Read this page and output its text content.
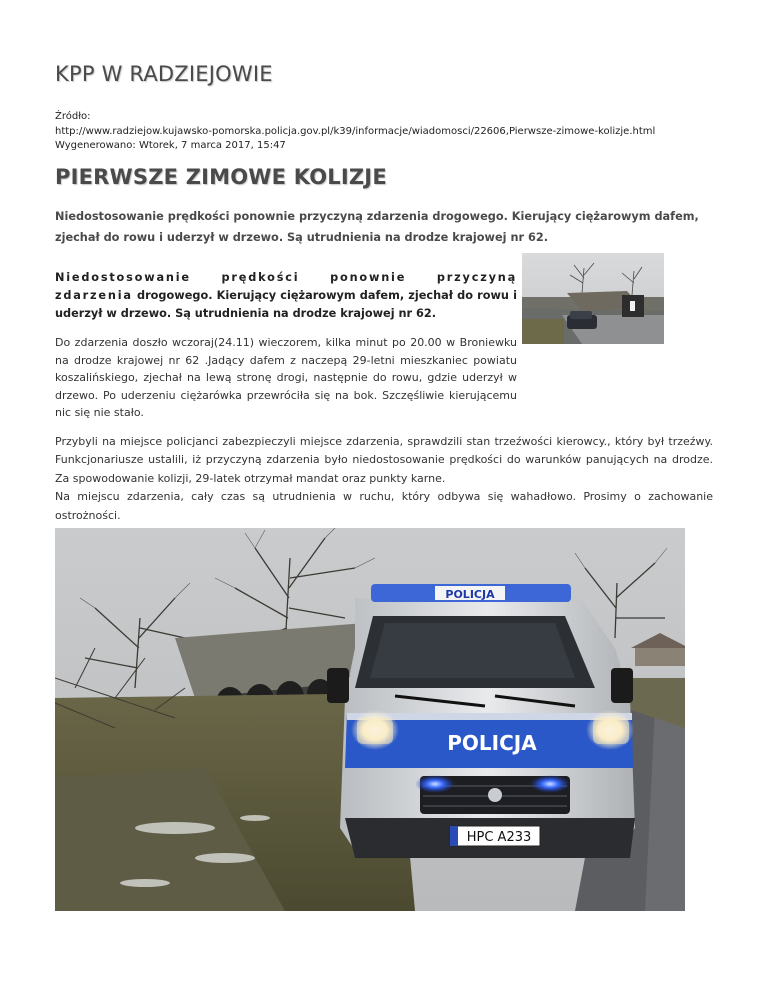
KPP W RADZIEJOWIE
Źródło:
http://www.radziejow.kujawsko-pomorska.policja.gov.pl/k39/informacje/wiadomosci/22606,Pierwsze-zimowe-kolizje.html
Wygenerowano: Wtorek, 7 marca 2017, 15:47
PIERWSZE ZIMOWE KOLIZJE

Niedostosowanie prędkości ponownie przyczyną zdarzenia drogowego. Kierujący ciężarowym dafem, zjechał do rowu i uderzył w drzewo. Są utrudnienia na drodze krajowej nr 62.

Niedostosowanie prędkości ponownie przyczyną zdarzenia drogowego. Kierujący ciężarowym dafem, zjechał do rowu i uderzył w drzewo. Są utrudnienia na drodze krajowej nr 62.

Do zdarzenia doszło wczoraj(24.11) wieczorem, kilka minut po 20.00 w Broniewku na drodze krajowej nr 62 .Jadący dafem z naczepą 29-letni mieszkaniec powiatu koszalińskiego, zjechał na lewą stronę drogi, następnie do rowu, gdzie uderzył w drzewo. Po uderzeniu ciężarówka przewróciła się na bok. Szczęśliwie kierującemu nic się nie stało.

Przybyli na miejsce policjanci zabezpieczyli miejsce zdarzenia, sprawdzili stan trzeźwości kierowcy., który był trzeźwy. Funkcjonariusze ustalili, iż przyczyną zdarzenia było niedostosowanie prędkości do warunków panujących na drodze. Za spowodowanie kolizji, 29-latek otrzymał mandat oraz punkty karne.
Na miejscu zdarzenia, cały czas są utrudnienia w ruchu, który odbywa się wahadłowo. Prosimy o zachowanie ostrożności.
POLICJA
HPC A233
POLICJA
